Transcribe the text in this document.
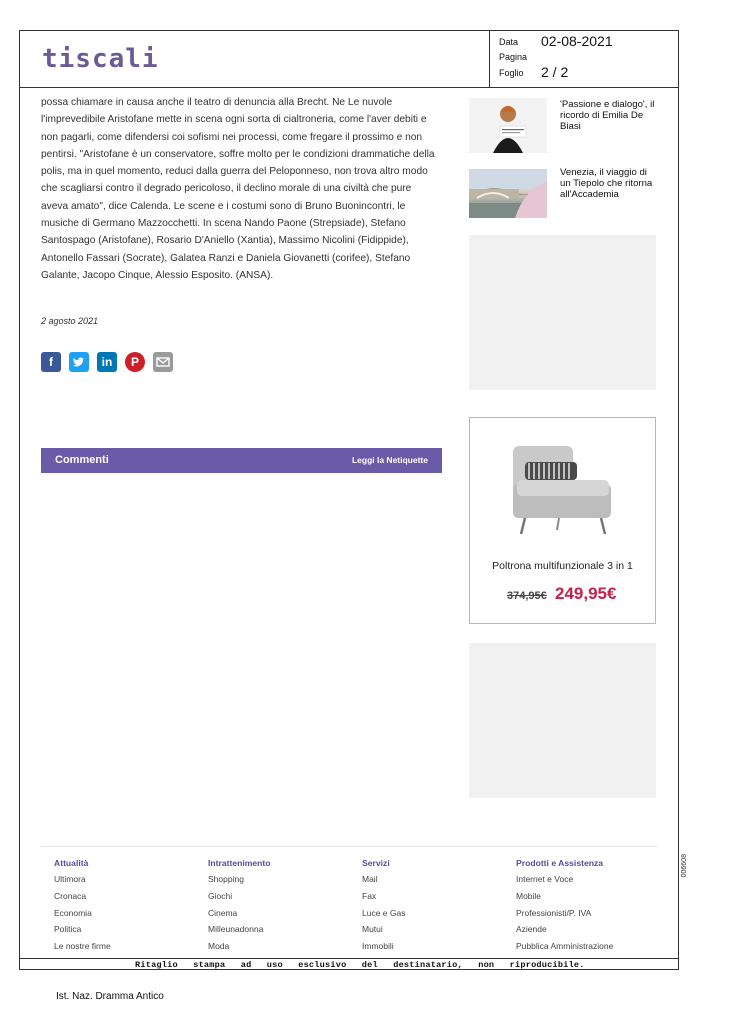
tiscali
Data 02-08-2021
Pagina
Foglio 2 / 2
possa chiamare in causa anche il teatro di denuncia alla Brecht. Ne Le nuvole l'imprevedibile Aristofane mette in scena ogni sorta di cialtroneria, come l'aver debiti e non pagarli, come difendersi coi sofismi nei processi, come fregare il prossimo e non pentirsi. "Aristofane è un conservatore, soffre molto per le condizioni drammatiche della polis, ma in quel momento, reduci dalla guerra del Peloponneso, non trova altro modo che scagliarsi contro il degrado pericoloso, il declino morale di una civiltà che pure aveva amato", dice Calenda. Le scene e i costumi sono di Bruno Buonincontri, le musiche di Germano Mazzocchetti. In scena Nando Paone (Strepsiade), Stefano Santospago (Aristofane), Rosario D'Aniello (Xantia), Massimo Nicolini (Fidippide), Antonello Fassari (Socrate), Galatea Ranzi e Daniela Giovanetti (corifee), Stefano Galante, Jacopo Cinque, Alessio Esposito. (ANSA).
2 agosto 2021
f	in	P
Commenti	Leggi la Netiquette
'Passione e dialogo', il ricordo di Emilia De Biasi
Venezia, il viaggio di un Tiepolo che ritorna all'Accademia
Poltrona multifunzionale 3 in 1
374,95€ 249,95€
Attualità
Ultimora
Cronaca
Economia
Politica
Le nostre firme
Intrattenimento
Shopping
Giochi
Cinema
Milleunadonna
Moda
Servizi
Mail
Fax
Luce e Gas
Mutui
Immobili
Prodotti e Assistenza
Internet e Voce
Mobile
Professionisti/P. IVA
Aziende
Pubblica Amministrazione
Ritaglio stampa ad uso esclusivo del destinatario, non riproducibile.
006608
Ist. Naz. Dramma Antico
